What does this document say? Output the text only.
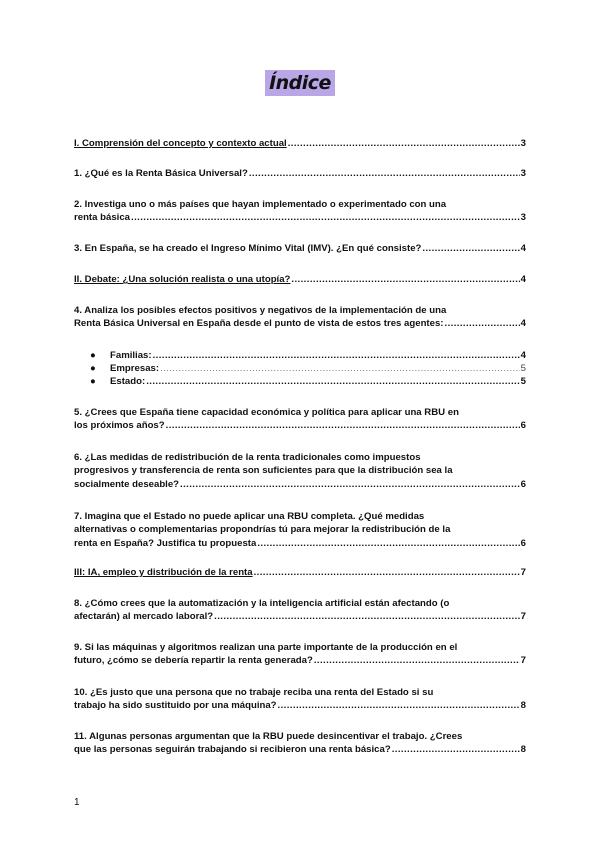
Índice
I. Comprensión del concepto y contexto actual .....	3
1. ¿Qué es la Renta Básica Universal? .....	3
2. Investiga uno o más países que hayan implementado o experimentado con una
renta básica .....	3
3. En España, se ha creado el Ingreso Mínimo Vital (IMV). ¿En qué consiste? .....	4
II. Debate: ¿Una solución realista o una utopía? .....	4
4. Analiza los posibles efectos positivos y negativos de la implementación de una
Renta Básica Universal en España desde el punto de vista de estos tres agentes: .....	4
●	Familias: .....	4
●	Empresas: .....	5
●	Estado: .....	5
5. ¿Crees que España tiene capacidad económica y política para aplicar una RBU en
los próximos años? .....	6
6. ¿Las medidas de redistribución de la renta tradicionales como impuestos
progresivos y transferencia de renta son suficientes para que la distribución sea la
socialmente deseable? .....	6
7. Imagina que el Estado no puede aplicar una RBU completa. ¿Qué medidas
alternativas o complementarias propondrías tú para mejorar la redistribución de la
renta en España? Justifica tu propuesta .....	6
III: IA, empleo y distribución de la renta .....	7
8. ¿Cómo crees que la automatización y la inteligencia artificial están afectando (o
afectarán) al mercado laboral? .....	7
9. Si las máquinas y algoritmos realizan una parte importante de la producción en el
futuro, ¿cómo se debería repartir la renta generada? .....	7
10. ¿Es justo que una persona que no trabaje reciba una renta del Estado si su
trabajo ha sido sustituido por una máquina? .....	8
11. Algunas personas argumentan que la RBU puede desincentivar el trabajo. ¿Crees
que las personas seguirán trabajando si recibieron una renta básica? .....	8
1
